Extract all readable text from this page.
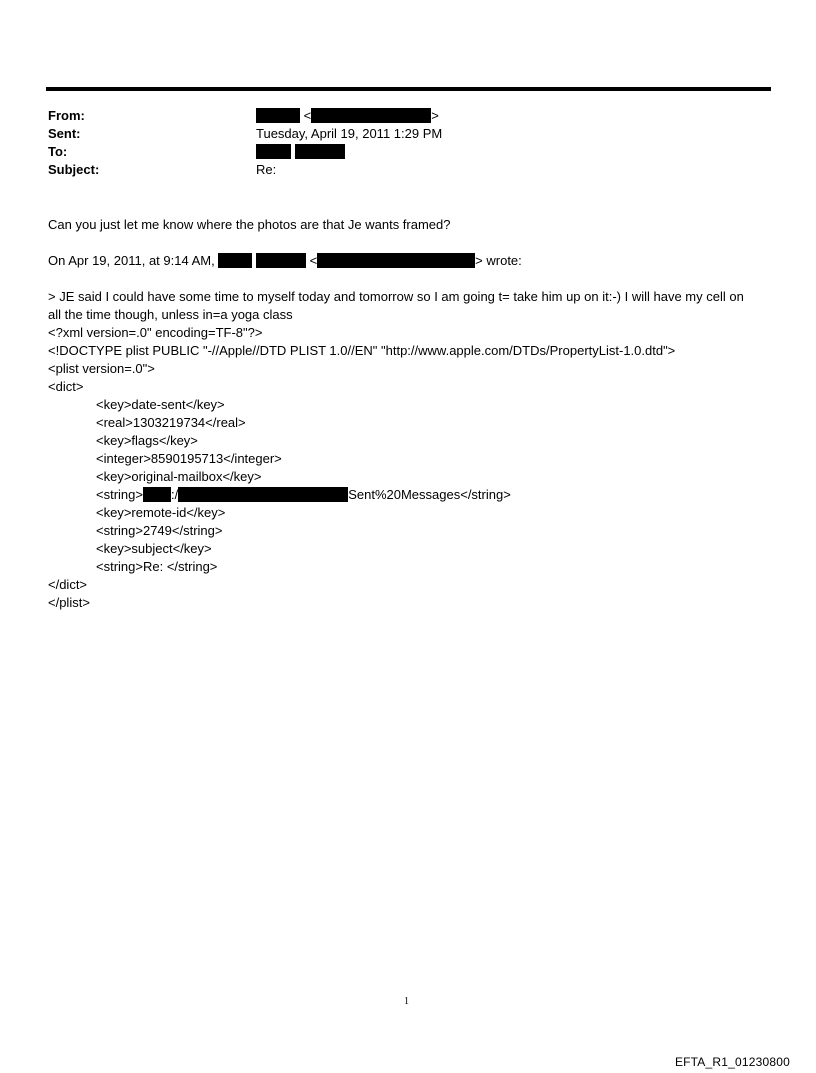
From:	<	>
Sent:	Tuesday, April 19, 2011 1:29 PM
To:

Subject:	Re:
Can you just let me know where the photos are that Je wants framed?
On Apr 19, 2011, at 9:14 AM,	<	> wrote:
> JE said I could have some time to myself today and tomorrow so I am going t= take him up on it:-) I will have my cell on
all the time though, unless in=a yoga class
<?xml version=.0" encoding=TF-8"?>
<!DOCTYPE plist PUBLIC "-//Apple//DTD PLIST 1.0//EN" "http://www.apple.com/DTDs/PropertyList-1.0.dtd">
<plist version=.0">
<dict>
<key>date-sent</key>
<real>1303219734</real>
<key>flags</key>
<integer>8590195713</integer>
<key>original-mailbox</key>
<string> :/	Sent%20Messages</string>
<key>remote-id</key>
<string>2749</string>
<key>subject</key>
<string>Re: </string>
</dict>
</plist>
1
EFTA_R1_01230800
